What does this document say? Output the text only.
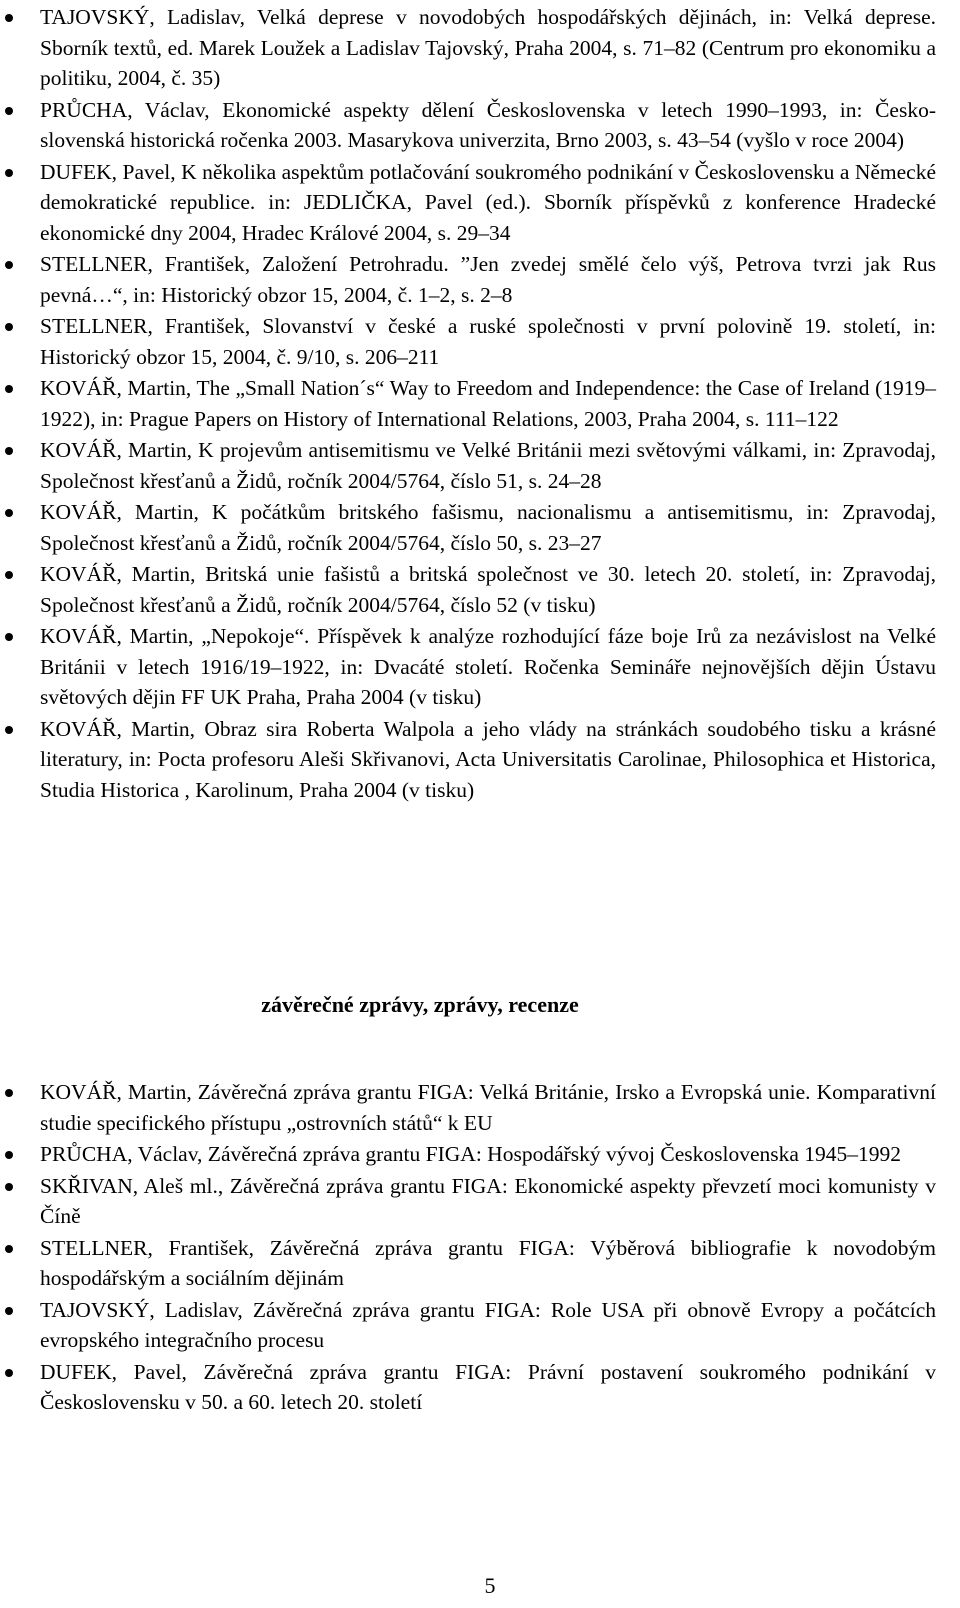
TAJOVSKÝ, Ladislav, Velká deprese v novodobých hospodářských dějinách, in: Velká deprese. Sborník textů, ed. Marek Loužek a Ladislav Tajovský, Praha 2004, s. 71–82 (Centrum pro ekonomiku a politiku, 2004, č. 35)
PRŮCHA, Václav, Ekonomické aspekty dělení Československa v letech 1990–1993, in: Česko-slovenská historická ročenka 2003. Masarykova univerzita, Brno 2003, s. 43–54 (vyšlo v roce 2004)
DUFEK, Pavel, K několika aspektům potlačování soukromého podnikání v Československu a Německé demokratické republice. in: JEDLIČKA, Pavel (ed.). Sborník příspěvků z konference Hradecké ekonomické dny 2004, Hradec Králové 2004, s. 29–34
STELLNER, František, Založení Petrohradu. ”Jen zvedej smělé čelo výš, Petrova tvrzi jak Rus pevná…“, in: Historický obzor 15, 2004, č. 1–2, s. 2–8
STELLNER, František, Slovanství v české a ruské společnosti v první polovině 19. století, in: Historický obzor 15, 2004, č. 9/10, s. 206–211
KOVÁŘ, Martin, The „Small Nation´s“ Way to Freedom and Independence: the Case of Ireland (1919–1922), in: Prague Papers on History of International Relations, 2003, Praha 2004, s. 111–122
KOVÁŘ, Martin, K projevům antisemitismu ve Velké Británii mezi světovými válkami, in: Zpravodaj, Společnost křesťanů a Židů, ročník 2004/5764, číslo 51, s. 24–28
KOVÁŘ, Martin, K počátkům britského fašismu, nacionalismu a antisemitismu, in: Zpravodaj, Společnost křesťanů a Židů, ročník 2004/5764, číslo 50, s. 23–27
KOVÁŘ, Martin, Britská unie fašistů a britská společnost ve 30. letech 20. století, in: Zpravodaj, Společnost křesťanů a Židů, ročník 2004/5764, číslo 52 (v tisku)
KOVÁŘ, Martin, „Nepokoje“. Příspěvek k analýze rozhodující fáze boje Irů za nezávislost na Velké Británii v letech 1916/19–1922, in: Dvacáté století. Ročenka Semináře nejnovějších dějin Ústavu světových dějin FF UK Praha, Praha 2004 (v tisku)
KOVÁŘ, Martin, Obraz sira Roberta Walpola a jeho vlády na stránkách soudobého tisku a krásné literatury, in: Pocta profesoru Aleši Skřivanovi, Acta Universitatis Carolinae, Philosophica et Historica, Studia Historica , Karolinum, Praha 2004 (v tisku)
závěrečné zprávy, zprávy, recenze
KOVÁŘ, Martin, Závěrečná zpráva grantu FIGA: Velká Británie, Irsko a Evropská unie. Komparativní studie specifického přístupu „ostrovních států“ k EU
PRŮCHA, Václav, Závěrečná zpráva grantu FIGA: Hospodářský vývoj Československa 1945–1992
SKŘIVAN, Aleš ml., Závěrečná zpráva grantu FIGA: Ekonomické aspekty převzetí moci komunisty v Číně
STELLNER, František, Závěrečná zpráva grantu FIGA: Výběrová bibliografie k novodobým hospodářským a sociálním dějinám
TAJOVSKÝ, Ladislav, Závěrečná zpráva grantu FIGA: Role USA při obnově Evropy a počátcích evropského integračního procesu
DUFEK, Pavel, Závěrečná zpráva grantu FIGA: Právní postavení soukromého podnikání v Československu v 50. a 60. letech 20. století
5
